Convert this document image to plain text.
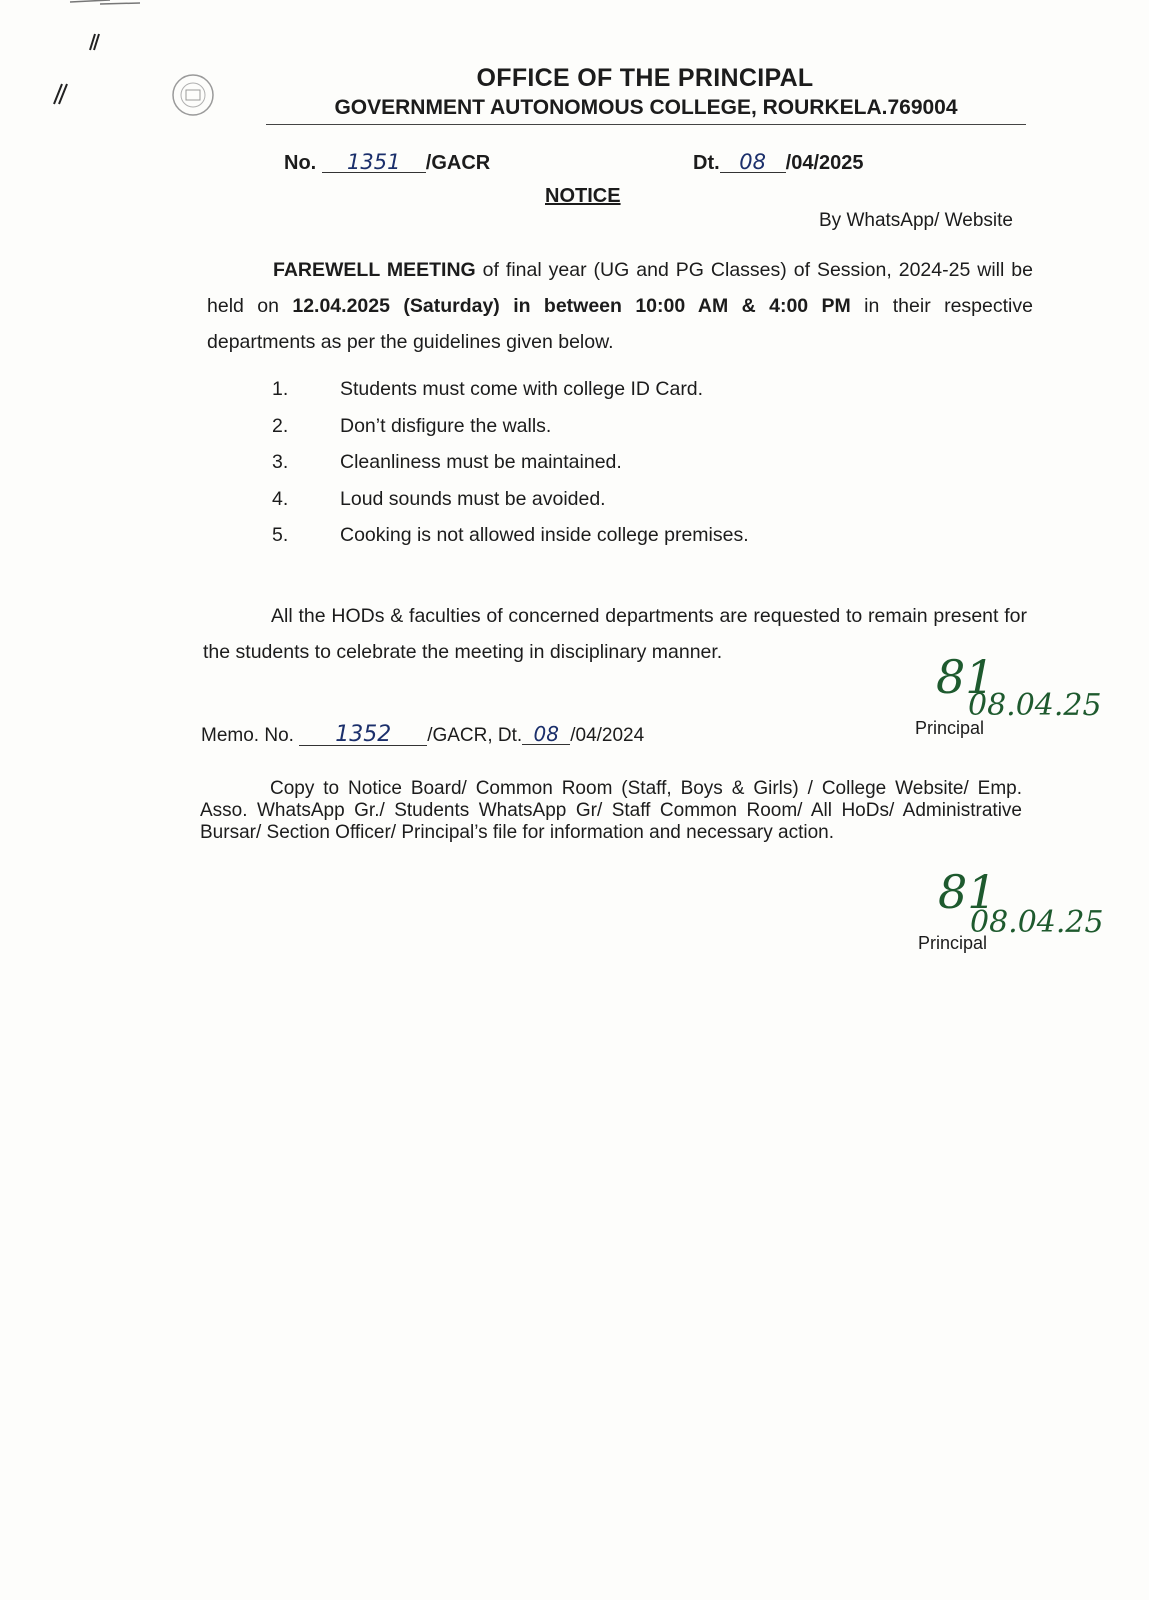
OFFICE OF THE PRINCIPAL
GOVERNMENT AUTONOMOUS COLLEGE, ROURKELA.769004
No. 1351 /GACR	Dt. 08 /04/2025
NOTICE
By WhatsApp/ Website
FAREWELL MEETING of final year (UG and PG Classes) of Session, 2024-25 will be held on 12.04.2025 (Saturday) in between 10:00 AM & 4:00 PM in their respective departments as per the guidelines given below.
1.	Students must come with college ID Card.
2.	Don’t disfigure the walls.
3.	Cleanliness must be maintained.
4.	Loud sounds must be avoided.
5.	Cooking is not allowed inside college premises.
All the HODs & faculties of concerned departments are requested to remain present for the students to celebrate the meeting in disciplinary manner.	81
08.04.25
Principal
Memo. No. 1352 /GACR, Dt. 08 /04/2024
Copy to Notice Board/ Common Room (Staff, Boys & Girls) / College Website/ Emp. Asso. WhatsApp Gr./ Students WhatsApp Gr/ Staff Common Room/ All HoDs/ Administrative Bursar/ Section Officer/ Principal’s file for information and necessary action.
81
08.04.25
Principal
